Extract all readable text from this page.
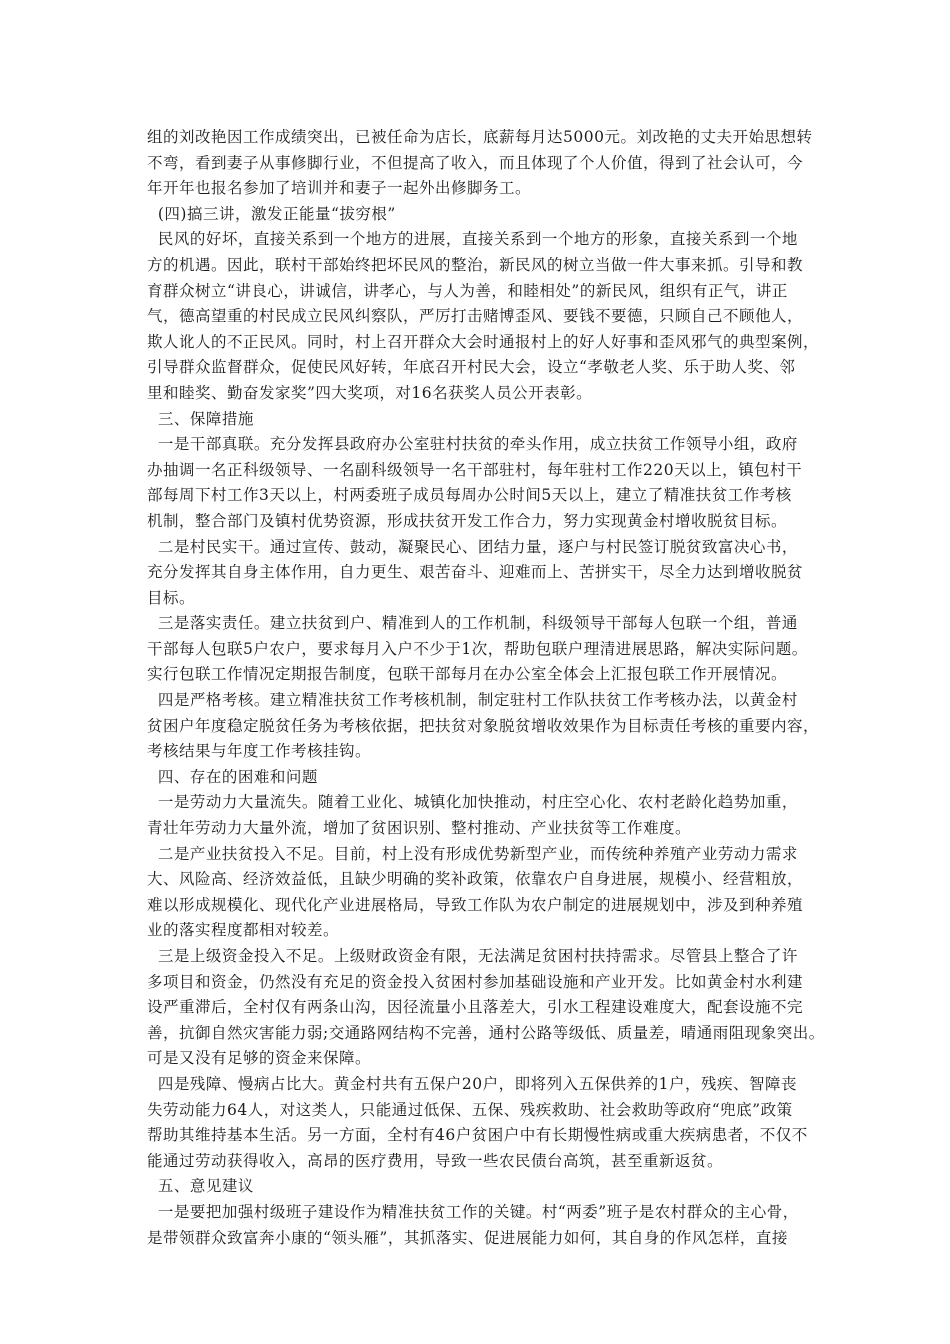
组的刘改艳因工作成绩突出，已被任命为店长，底薪每月达5000元。刘改艳的丈夫开始思想转
不弯，看到妻子从事修脚行业，不但提高了收入，而且体现了个人价值，得到了社会认可，今
年开年也报名参加了培训并和妻子一起外出修脚务工。

(四)搞三讲，激发正能量“拔穷根”

民风的好坏，直接关系到一个地方的进展，直接关系到一个地方的形象，直接关系到一个地
方的机遇。因此，联村干部始终把坏民风的整治，新民风的树立当做一件大事来抓。引导和教
育群众树立“讲良心，讲诚信，讲孝心，与人为善，和睦相处”的新民风，组织有正气，讲正
气，德高望重的村民成立民风纠察队，严厉打击赌博歪风、要钱不要德，只顾自己不顾他人，
欺人讹人的不正民风。同时，村上召开群众大会时通报村上的好人好事和歪风邪气的典型案例，
引导群众监督群众，促使民风好转，年底召开村民大会，设立“孝敬老人奖、乐于助人奖、邻
里和睦奖、勤奋发家奖”四大奖项，对16名获奖人员公开表彰。

三、保障措施

一是干部真联。充分发挥县政府办公室驻村扶贫的牵头作用，成立扶贫工作领导小组，政府
办抽调一名正科级领导、一名副科级领导一名干部驻村，每年驻村工作220天以上，镇包村干
部每周下村工作3天以上，村两委班子成员每周办公时间5天以上，建立了精准扶贫工作考核
机制，整合部门及镇村优势资源，形成扶贫开发工作合力，努力实现黄金村增收脱贫目标。

二是村民实干。通过宣传、鼓动，凝聚民心、团结力量，逐户与村民签订脱贫致富决心书，
充分发挥其自身主体作用，自力更生、艰苦奋斗、迎难而上、苦拼实干，尽全力达到增收脱贫
目标。

三是落实责任。建立扶贫到户、精准到人的工作机制，科级领导干部每人包联一个组，普通
干部每人包联5户农户，要求每月入户不少于1次，帮助包联户理清进展思路，解决实际问题。
实行包联工作情况定期报告制度，包联干部每月在办公室全体会上汇报包联工作开展情况。

四是严格考核。建立精准扶贫工作考核机制，制定驻村工作队扶贫工作考核办法，以黄金村
贫困户年度稳定脱贫任务为考核依据，把扶贫对象脱贫增收效果作为目标责任考核的重要内容，
考核结果与年度工作考核挂钩。

四、存在的困难和问题

一是劳动力大量流失。随着工业化、城镇化加快推动，村庄空心化、农村老龄化趋势加重，
青壮年劳动力大量外流，增加了贫困识别、整村推动、产业扶贫等工作难度。

二是产业扶贫投入不足。目前，村上没有形成优势新型产业，而传统种养殖产业劳动力需求
大、风险高、经济效益低，且缺少明确的奖补政策，依靠农户自身进展，规模小、经营粗放，
难以形成规模化、现代化产业进展格局，导致工作队为农户制定的进展规划中，涉及到种养殖
业的落实程度都相对较差。

三是上级资金投入不足。上级财政资金有限，无法满足贫困村扶持需求。尽管县上整合了许
多项目和资金，仍然没有充足的资金投入贫困村参加基础设施和产业开发。比如黄金村水利建
设严重滞后，全村仅有两条山沟，因径流量小且落差大，引水工程建设难度大，配套设施不完
善，抗御自然灾害能力弱;交通路网结构不完善，通村公路等级低、质量差，晴通雨阻现象突出。
可是又没有足够的资金来保障。

四是残障、慢病占比大。黄金村共有五保户20户，即将列入五保供养的1户，残疾、智障丧
失劳动能力64人，对这类人，只能通过低保、五保、残疾救助、社会救助等政府“兜底”政策
帮助其维持基本生活。另一方面，全村有46户贫困户中有长期慢性病或重大疾病患者，不仅不
能通过劳动获得收入，高昂的医疗费用，导致一些农民债台高筑，甚至重新返贫。

五、意见建议

一是要把加强村级班子建设作为精准扶贫工作的关键。村“两委”班子是农村群众的主心骨，
是带领群众致富奔小康的“领头雁”，其抓落实、促进展能力如何，其自身的作风怎样，直接
